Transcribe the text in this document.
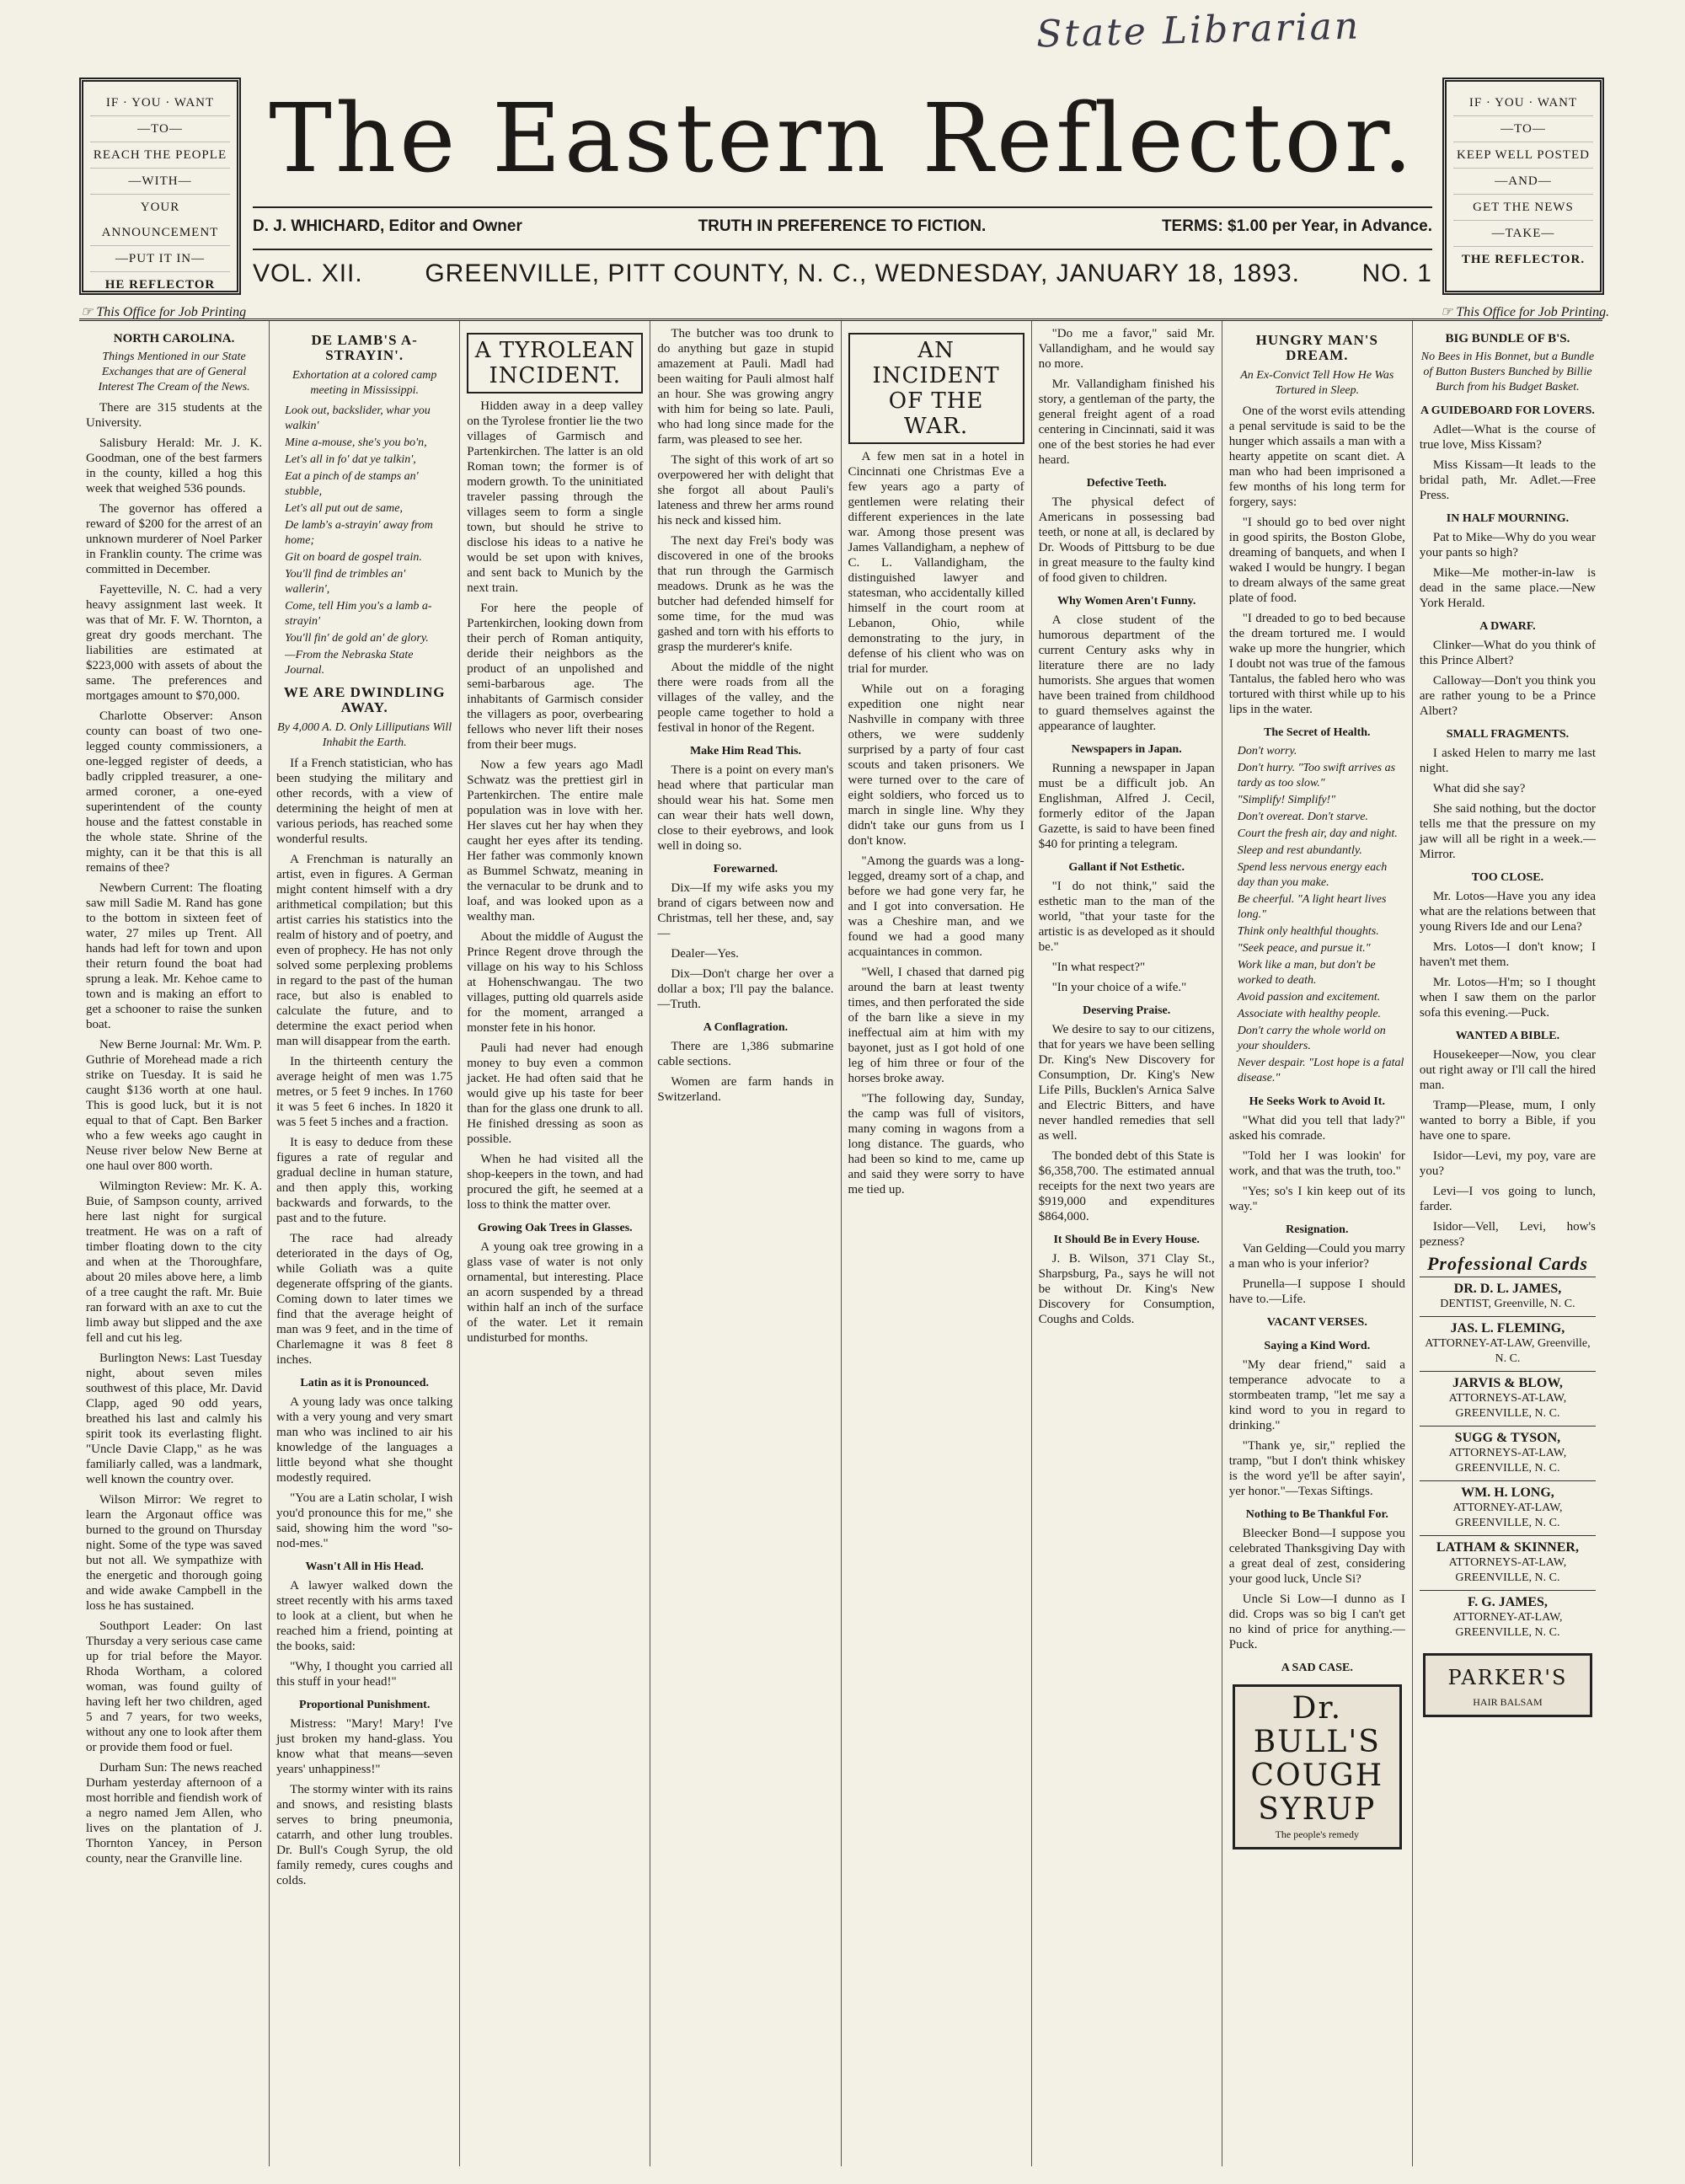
State Librarian
IF · YOU · WANT
—TO—
REACH THE PEOPLE
—WITH—
YOUR ANNOUNCEMENT
—PUT IT IN—
HE REFLECTOR
☞ This Office for Job Printing
IF · YOU · WANT
—TO—
KEEP WELL POSTED
—AND—
GET THE NEWS
—TAKE—
THE REFLECTOR.
☞ This Office for Job Printing.
The Eastern Reflector.
D. J. WHICHARD, Editor and Owner	TRUTH IN PREFERENCE TO FICTION.	TERMS: $1.00 per Year, in Advance.
VOL. XII. GREENVILLE, PITT COUNTY, N. C., WEDNESDAY, JANUARY 18, 1893. NO. 1
NORTH CAROLINA.
Things Mentioned in our State Exchanges that are of General Interest The Cream of the News.

There are 315 students at the University.

Salisbury Herald: Mr. J. K. Goodman, one of the best farmers in the county, killed a hog this week that weighed 536 pounds.

The governor has offered a reward of $200 for the arrest of an unknown murderer of Noel Parker in Franklin county. The crime was committed in December.

Fayetteville, N. C. had a very heavy assignment last week. It was that of Mr. F. W. Thornton, a great dry goods merchant. The liabilities are estimated at $223,000 with assets of about the same. The preferences and mortgages amount to $70,000.

Charlotte Observer: Anson county can boast of two one-legged county commissioners, a one-legged register of deeds, a badly crippled treasurer, a one-armed coroner, a one-eyed superintendent of the county house and the fattest constable in the whole state. Shrine of the mighty, can it be that this is all remains of thee?

Newbern Current: The floating saw mill Sadie M. Rand has gone to the bottom in sixteen feet of water, 27 miles up Trent. All hands had left for town and upon their return found the boat had sprung a leak. Mr. Kehoe came to town and is making an effort to get a schooner to raise the sunken boat.

New Berne Journal: Mr. Wm. P. Guthrie of Morehead made a rich strike on Tuesday. It is said he caught $136 worth at one haul. This is good luck, but it is not equal to that of Capt. Ben Barker who a few weeks ago caught in Neuse river below New Berne at one haul over 800 worth.

Wilmington Review: Mr. K. A. Buie, of Sampson county, arrived here last night for surgical treatment. He was on a raft of timber floating down to the city and when at the Thoroughfare, about 20 miles above here, a limb of a tree caught the raft. Mr. Buie ran forward with an axe to cut the limb away but slipped and the axe fell and cut his leg.

Burlington News: Last Tuesday night, about seven miles southwest of this place, Mr. David Clapp, aged 90 odd years, breathed his last and calmly his spirit took its everlasting flight. "Uncle Davie Clapp," as he was familiarly called, was a landmark, well known the country over.

Wilson Mirror: We regret to learn the Argonaut office was burned to the ground on Thursday night. Some of the type was saved but not all. We sympathize with the energetic and thorough going and wide awake Campbell in the loss he has sustained.

Southport Leader: On last Thursday a very serious case came up for trial before the Mayor. Rhoda Wortham, a colored woman, was found guilty of having left her two children, aged 5 and 7 years, for two weeks, without any one to look after them or provide them food or fuel.

Durham Sun: The news reached Durham yesterday afternoon of a most horrible and fiendish work of a negro named Jem Allen, who lives on the plantation of J. Thornton Yancey, in Person county, near the Granville line.

DE LAMB'S A-STRAYIN'.
Exhortation at a colored camp meeting in Mississippi.
Look out, backslider, whar you walkin'
Mine a-mouse, she's you bo'n,
Let's all in fo' dat ye talkin',
Eat a pinch of de stamps an' stubble,
Let's all put out de same,
De lamb's a-strayin' away from home;
Git on board de gospel train.
You'll find de trimbles an' wallerin',
Come, tell Him you's a lamb a-strayin'
You'll fin' de gold an' de glory.
—From the Nebraska State Journal.
WE ARE DWINDLING AWAY.
By 4,000 A. D. Only Lilliputians Will Inhabit the Earth.

If a French statistician, who has been studying the military and other records, with a view of determining the height of men at various periods, has reached some wonderful results.

A Frenchman is naturally an artist, even in figures. A German might content himself with a dry arithmetical compilation; but this artist carries his statistics into the realm of history and of poetry, and even of prophecy. He has not only solved some perplexing problems in regard to the past of the human race, but also is enabled to calculate the future, and to determine the exact period when man will disappear from the earth.

In the thirteenth century the average height of men was 1.75 metres, or 5 feet 9 inches. In 1760 it was 5 feet 6 inches. In 1820 it was 5 feet 5 inches and a fraction.

It is easy to deduce from these figures a rate of regular and gradual decline in human stature, and then apply this, working backwards and forwards, to the past and to the future.

The race had already deteriorated in the days of Og, while Goliath was a quite degenerate offspring of the giants. Coming down to later times we find that the average height of man was 9 feet, and in the time of Charlemagne it was 8 feet 8 inches.

Latin as it is Pronounced.

A young lady was once talking with a very young and very smart man who was inclined to air his knowledge of the languages a little beyond what she thought modestly required.

"You are a Latin scholar, I wish you'd pronounce this for me," she said, showing him the word "so-nod-mes."

Wasn't All in His Head.

A lawyer walked down the street recently with his arms taxed to look at a client, but when he reached him a friend, pointing at the books, said:

"Why, I thought you carried all this stuff in your head!"

Proportional Punishment.

Mistress: "Mary! Mary! I've just broken my hand-glass. You know what that means—seven years' unhappiness!"

The stormy winter with its rains and snows, and resisting blasts serves to bring pneumonia, catarrh, and other lung troubles. Dr. Bull's Cough Syrup, the old family remedy, cures coughs and colds.

A TYROLEAN INCIDENT.

Hidden away in a deep valley on the Tyrolese frontier lie the two villages of Garmisch and Partenkirchen. The latter is an old Roman town; the former is of modern growth. To the uninitiated traveler passing through the villages seem to form a single town, but should he strive to disclose his ideas to a native he would be set upon with knives, and sent back to Munich by the next train.

For here the people of Partenkirchen, looking down from their perch of Roman antiquity, deride their neighbors as the product of an unpolished and semi-barbarous age. The inhabitants of Garmisch consider the villagers as poor, overbearing fellows who never lift their noses from their beer mugs.

Now a few years ago Madl Schwatz was the prettiest girl in Partenkirchen. The entire male population was in love with her. Her slaves cut her hay when they caught her eyes after its tending. Her father was commonly known as Bummel Schwatz, meaning in the vernacular to be drunk and to loaf, and was looked upon as a wealthy man.

About the middle of August the Prince Regent drove through the village on his way to his Schloss at Hohenschwangau. The two villages, putting old quarrels aside for the moment, arranged a monster fete in his honor.

Pauli had never had enough money to buy even a common jacket. He had often said that he would give up his taste for beer than for the glass one drunk to all. He finished dressing as soon as possible.

When he had visited all the shop-keepers in the town, and had procured the gift, he seemed at a loss to think the matter over.

Growing Oak Trees in Glasses.

A young oak tree growing in a glass vase of water is not only ornamental, but interesting. Place an acorn suspended by a thread within half an inch of the surface of the water. Let it remain undisturbed for months.

The butcher was too drunk to do anything but gaze in stupid amazement at Pauli. Madl had been waiting for Pauli almost half an hour. She was growing angry with him for being so late. Pauli, who had long since made for the farm, was pleased to see her.

The sight of this work of art so overpowered her with delight that she forgot all about Pauli's lateness and threw her arms round his neck and kissed him.

The next day Frei's body was discovered in one of the brooks that run through the Garmisch meadows. Drunk as he was the butcher had defended himself for some time, for the mud was gashed and torn with his efforts to grasp the murderer's knife.

About the middle of the night there were roads from all the villages of the valley, and the people came together to hold a festival in honor of the Regent.

Make Him Read This.

There is a point on every man's head where that particular man should wear his hat. Some men can wear their hats well down, close to their eyebrows, and look well in doing so.

Forewarned.

Dix—If my wife asks you my brand of cigars between now and Christmas, tell her these, and, say—

Dealer—Yes.

Dix—Don't charge her over a dollar a box; I'll pay the balance.—Truth.

A Conflagration.

There are 1,386 submarine cable sections.

Women are farm hands in Switzerland.

AN INCIDENT OF THE WAR.

A few men sat in a hotel in Cincinnati one Christmas Eve a few years ago a party of gentlemen were relating their different experiences in the late war. Among those present was James Vallandigham, a nephew of C. L. Vallandigham, the distinguished lawyer and statesman, who accidentally killed himself in the court room at Lebanon, Ohio, while demonstrating to the jury, in defense of his client who was on trial for murder.

While out on a foraging expedition one night near Nashville in company with three others, we were suddenly surprised by a party of four cast scouts and taken prisoners. We were turned over to the care of eight soldiers, who forced us to march in single line. Why they didn't take our guns from us I don't know.

"Among the guards was a long-legged, dreamy sort of a chap, and before we had gone very far, he and I got into conversation. He was a Cheshire man, and we found we had a good many acquaintances in common.

"Well, I chased that darned pig around the barn at least twenty times, and then perforated the side of the barn like a sieve in my ineffectual aim at him with my bayonet, just as I got hold of one leg of him three or four of the horses broke away.

"The following day, Sunday, the camp was full of visitors, many coming in wagons from a long distance. The guards, who had been so kind to me, came up and said they were sorry to have me tied up.

"Do me a favor," said Mr. Vallandigham, and he would say no more.

Mr. Vallandigham finished his story, a gentleman of the party, the general freight agent of a road centering in Cincinnati, said it was one of the best stories he had ever heard.

Defective Teeth.

The physical defect of Americans in possessing bad teeth, or none at all, is declared by Dr. Woods of Pittsburg to be due in great measure to the faulty kind of food given to children.

Why Women Aren't Funny.

A close student of the humorous department of the current Century asks why in literature there are no lady humorists. She argues that women have been trained from childhood to guard themselves against the appearance of laughter.

Newspapers in Japan.

Running a newspaper in Japan must be a difficult job. An Englishman, Alfred J. Cecil, formerly editor of the Japan Gazette, is said to have been fined $40 for printing a telegram.

Gallant if Not Esthetic.

"I do not think," said the esthetic man to the man of the world, "that your taste for the artistic is as developed as it should be."

"In what respect?"

"In your choice of a wife."

Deserving Praise.

We desire to say to our citizens, that for years we have been selling Dr. King's New Discovery for Consumption, Dr. King's New Life Pills, Bucklen's Arnica Salve and Electric Bitters, and have never handled remedies that sell as well.

The bonded debt of this State is $6,358,700. The estimated annual receipts for the next two years are $919,000 and expenditures $864,000.

It Should Be in Every House.

J. B. Wilson, 371 Clay St., Sharpsburg, Pa., says he will not be without Dr. King's New Discovery for Consumption, Coughs and Colds.

HUNGRY MAN'S DREAM.
An Ex-Convict Tell How He Was Tortured in Sleep.

One of the worst evils attending a penal servitude is said to be the hunger which assails a man with a hearty appetite on scant diet. A man who had been imprisoned a few months of his long term for forgery, says:

"I should go to bed over night in good spirits, the Boston Globe, dreaming of banquets, and when I waked I would be hungry. I began to dream always of the same great plate of food.

"I dreaded to go to bed because the dream tortured me. I would wake up more the hungrier, which I doubt not was true of the famous Tantalus, the fabled hero who was tortured with thirst while up to his lips in the water.

The Secret of Health.
Don't worry.
Don't hurry. "Too swift arrives as tardy as too slow."
"Simplify! Simplify!"
Don't overeat. Don't starve.
Court the fresh air, day and night.
Sleep and rest abundantly.
Spend less nervous energy each day than you make.
Be cheerful. "A light heart lives long."
Think only healthful thoughts.
"Seek peace, and pursue it."
Work like a man, but don't be worked to death.
Avoid passion and excitement.
Associate with healthy people.
Don't carry the whole world on your shoulders.
Never despair. "Lost hope is a fatal disease."
He Seeks Work to Avoid It.

"What did you tell that lady?" asked his comrade.

"Told her I was lookin' for work, and that was the truth, too."

"Yes; so's I kin keep out of its way."

Resignation.

Van Gelding—Could you marry a man who is your inferior?

Prunella—I suppose I should have to.—Life.

VACANT VERSES.
Saying a Kind Word.

"My dear friend," said a temperance advocate to a stormbeaten tramp, "let me say a kind word to you in regard to drinking."

"Thank ye, sir," replied the tramp, "but I don't think whiskey is the word ye'll be after sayin', yer honor."—Texas Siftings.

Nothing to Be Thankful For.

Bleecker Bond—I suppose you celebrated Thanksgiving Day with a great deal of zest, considering your good luck, Uncle Si?

Uncle Si Low—I dunno as I did. Crops was so big I can't get no kind of price for anything.—Puck.

A SAD CASE.
Dr. BULL'S
COUGH SYRUP
The people's remedy
BIG BUNDLE OF B'S.
No Bees in His Bonnet, but a Bundle of Button Busters Bunched by Billie Burch from his Budget Basket.
A GUIDEBOARD FOR LOVERS.

Adlet—What is the course of true love, Miss Kissam?

Miss Kissam—It leads to the bridal path, Mr. Adlet.—Free Press.

IN HALF MOURNING.

Pat to Mike—Why do you wear your pants so high?

Mike—Me mother-in-law is dead in the same place.—New York Herald.

A DWARF.

Clinker—What do you think of this Prince Albert?

Calloway—Don't you think you are rather young to be a Prince Albert?

SMALL FRAGMENTS.

I asked Helen to marry me last night.

What did she say?

She said nothing, but the doctor tells me that the pressure on my jaw will all be right in a week.—Mirror.

TOO CLOSE.

Mr. Lotos—Have you any idea what are the relations between that young Rivers Ide and our Lena?

Mrs. Lotos—I don't know; I haven't met them.

Mr. Lotos—H'm; so I thought when I saw them on the parlor sofa this evening.—Puck.

WANTED A BIBLE.

Housekeeper—Now, you clear out right away or I'll call the hired man.

Tramp—Please, mum, I only wanted to borry a Bible, if you have one to spare.

Isidor—Levi, my poy, vare are you?

Levi—I vos going to lunch, farder.

Isidor—Vell, Levi, how's pezness?

Professional Cards
DR. D. L. JAMES,
DENTIST, Greenville, N. C.
JAS. L. FLEMING,
ATTORNEY-AT-LAW, Greenville, N. C.
JARVIS & BLOW,
ATTORNEYS-AT-LAW, GREENVILLE, N. C.
SUGG & TYSON,
ATTORNEYS-AT-LAW, GREENVILLE, N. C.
WM. H. LONG,
ATTORNEY-AT-LAW, GREENVILLE, N. C.
LATHAM & SKINNER,
ATTORNEYS-AT-LAW, GREENVILLE, N. C.
F. G. JAMES,
ATTORNEY-AT-LAW, GREENVILLE, N. C.
PARKER'S
HAIR BALSAM
